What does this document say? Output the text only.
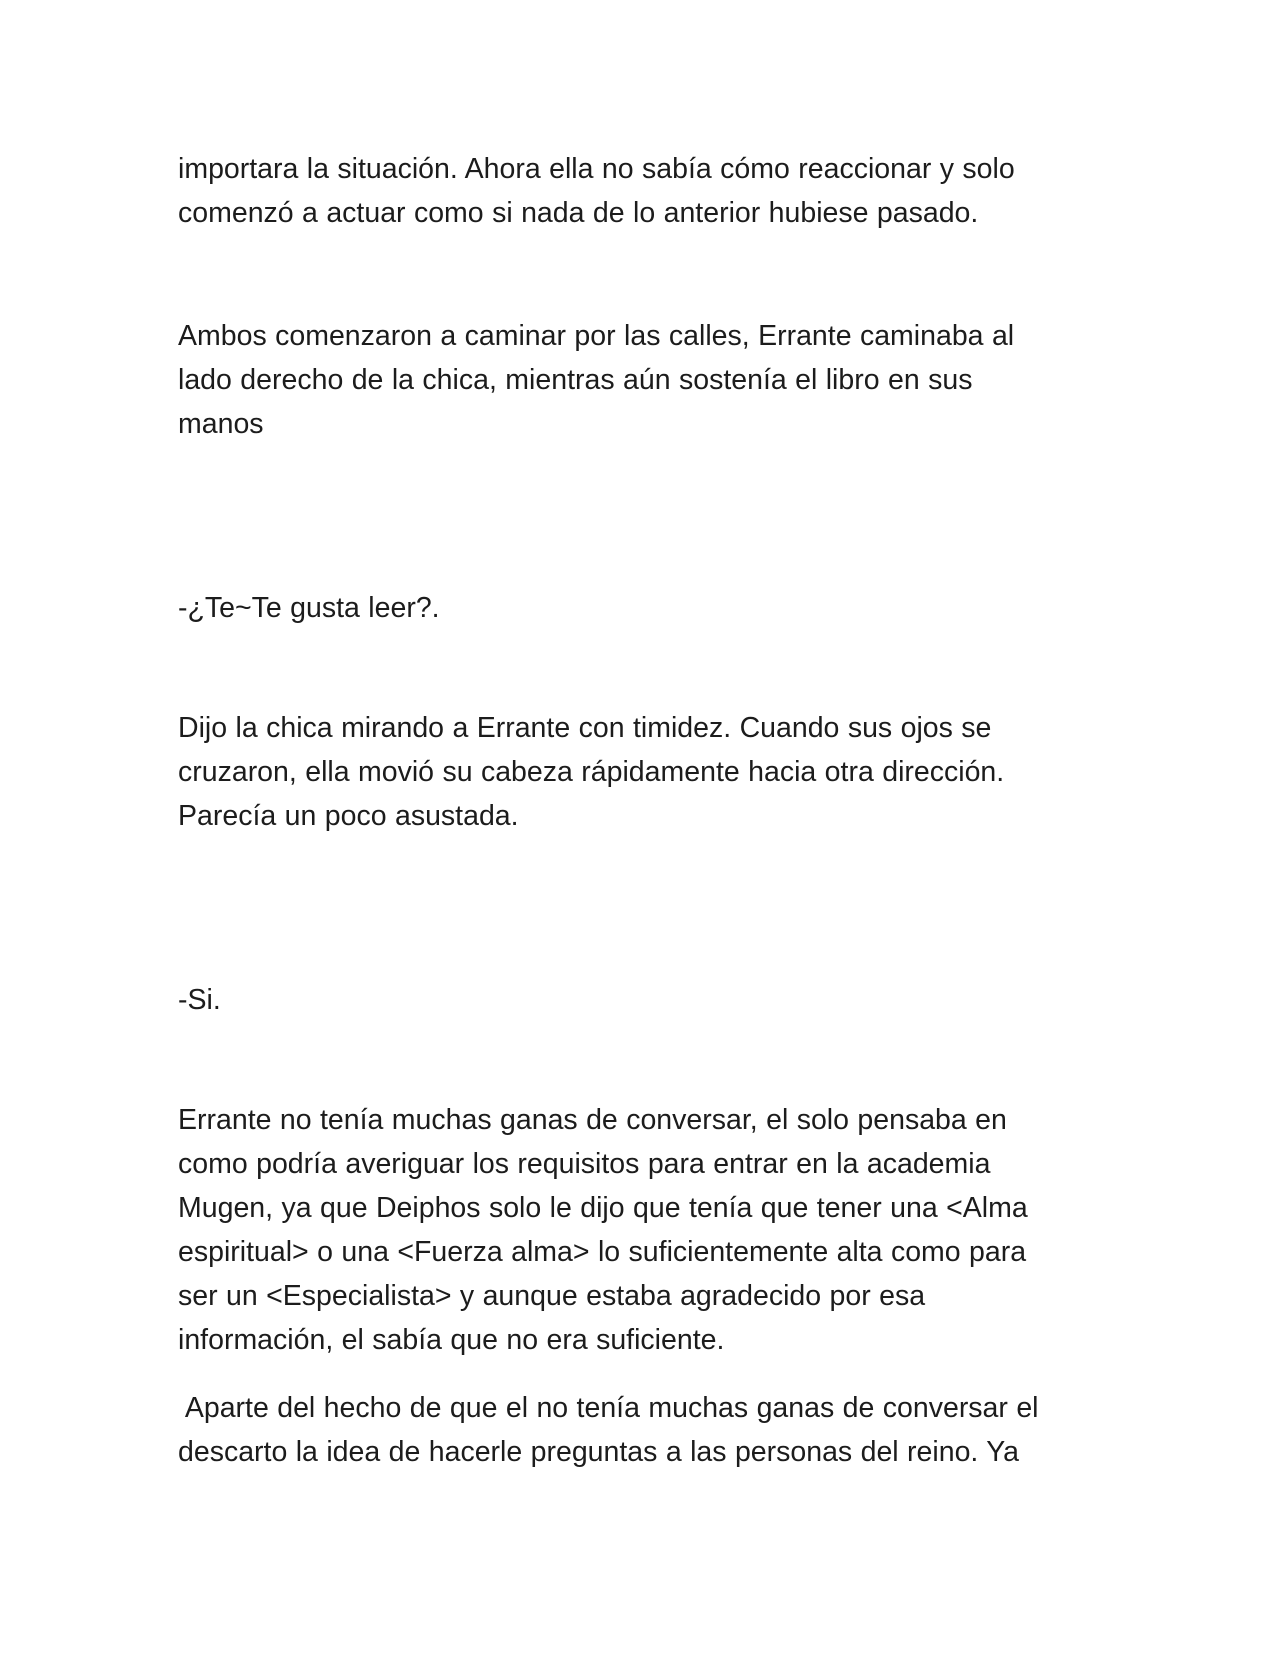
importara la situación. Ahora ella no sabía cómo reaccionar y solo
comenzó a actuar como si nada de lo anterior hubiese pasado.

Ambos comenzaron a caminar por las calles, Errante caminaba al
lado derecho de la chica, mientras aún sostenía el libro en sus
manos

-¿Te~Te gusta leer?.

Dijo la chica mirando a Errante con timidez. Cuando sus ojos se
cruzaron, ella movió su cabeza rápidamente hacia otra dirección.
Parecía un poco asustada.

-Si.

Errante no tenía muchas ganas de conversar, el solo pensaba en
como podría averiguar los requisitos para entrar en la academia
Mugen, ya que Deiphos solo le dijo que tenía que tener una <Alma
espiritual> o una <Fuerza alma> lo suficientemente alta como para
ser un <Especialista> y aunque estaba agradecido por esa
información, el sabía que no era suficiente.

Aparte del hecho de que el no tenía muchas ganas de conversar el
descarto la idea de hacerle preguntas a las personas del reino. Ya
